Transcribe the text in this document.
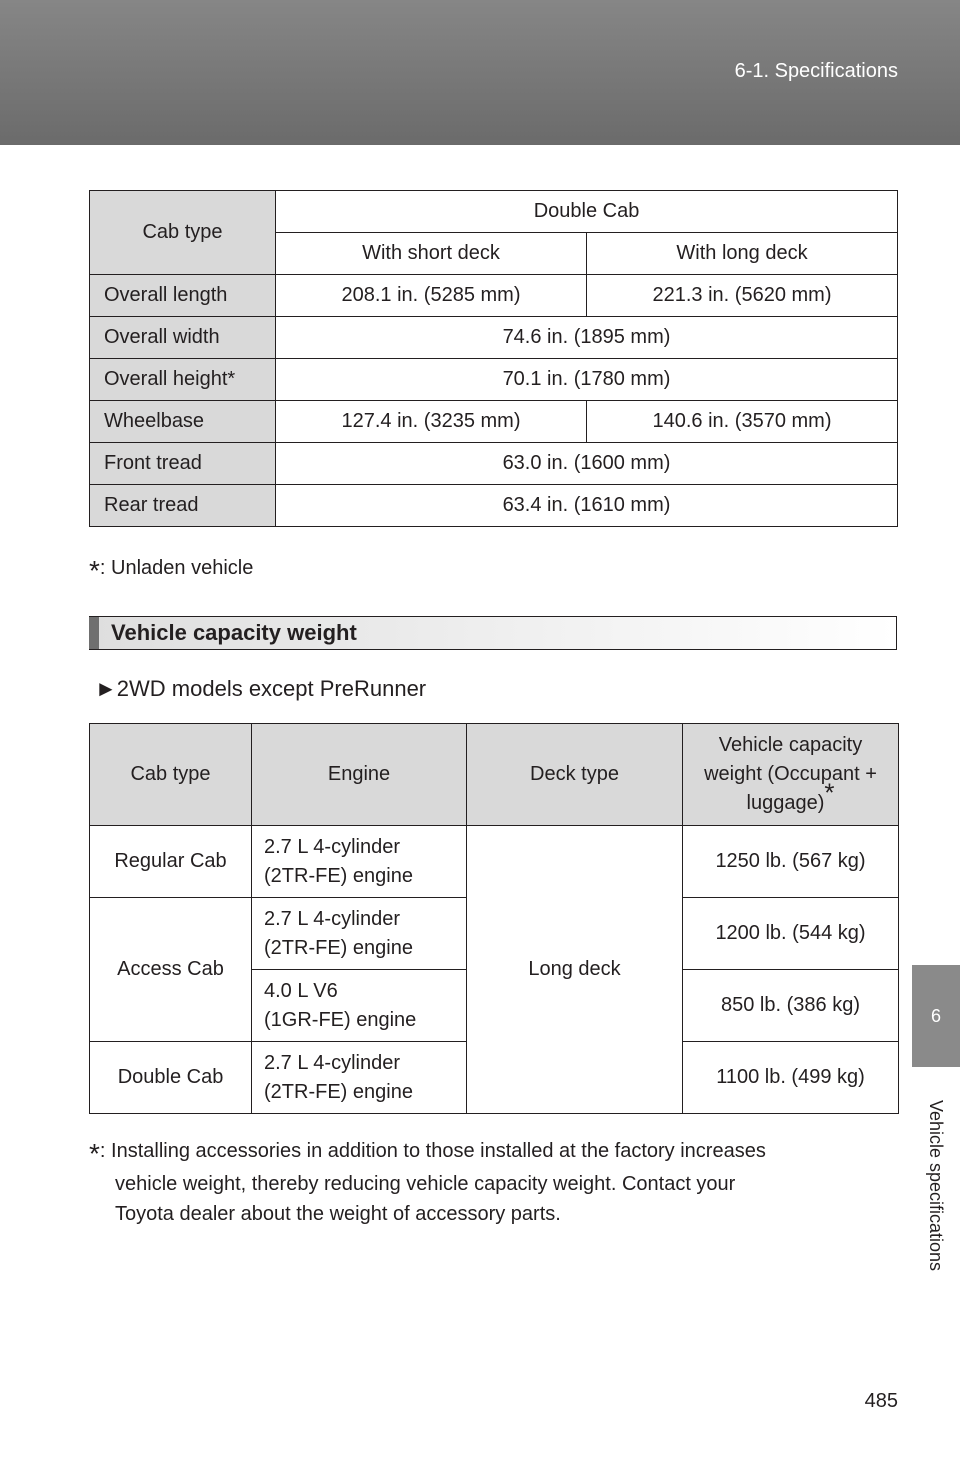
6-1. Specifications
6
Vehicle specifications
Cab type	Double Cab	
	With short deck	With long deck
Overall length	208.1 in. (5285 mm)	221.3 in. (5620 mm)
Overall width	74.6 in. (1895 mm)	
Overall height*	70.1 in. (1780 mm)	
Wheelbase	127.4 in. (3235 mm)	140.6 in. (3570 mm)
Front tread	63.0 in. (1600 mm)	
Rear tread	63.4 in. (1610 mm)	
*: Unladen vehicle
Vehicle capacity weight
►2WD models except PreRunner
Cab type	Engine	Deck type	Vehicle capacity
weight (Occupant +
luggage)*
Regular Cab	2.7 L 4-cylinder
(2TR-FE) engine	Long deck	1250 lb. (567 kg)
Access Cab	2.7 L 4-cylinder
(2TR-FE) engine		1200 lb. (544 kg)
	4.0 L V6
(1GR-FE) engine		850 lb. (386 kg)
Double Cab	2.7 L 4-cylinder
(2TR-FE) engine		1100 lb. (499 kg)
*: Installing accessories in addition to those installed at the factory increases
vehicle weight, thereby reducing vehicle capacity weight. Contact your
Toyota dealer about the weight of accessory parts.
485
